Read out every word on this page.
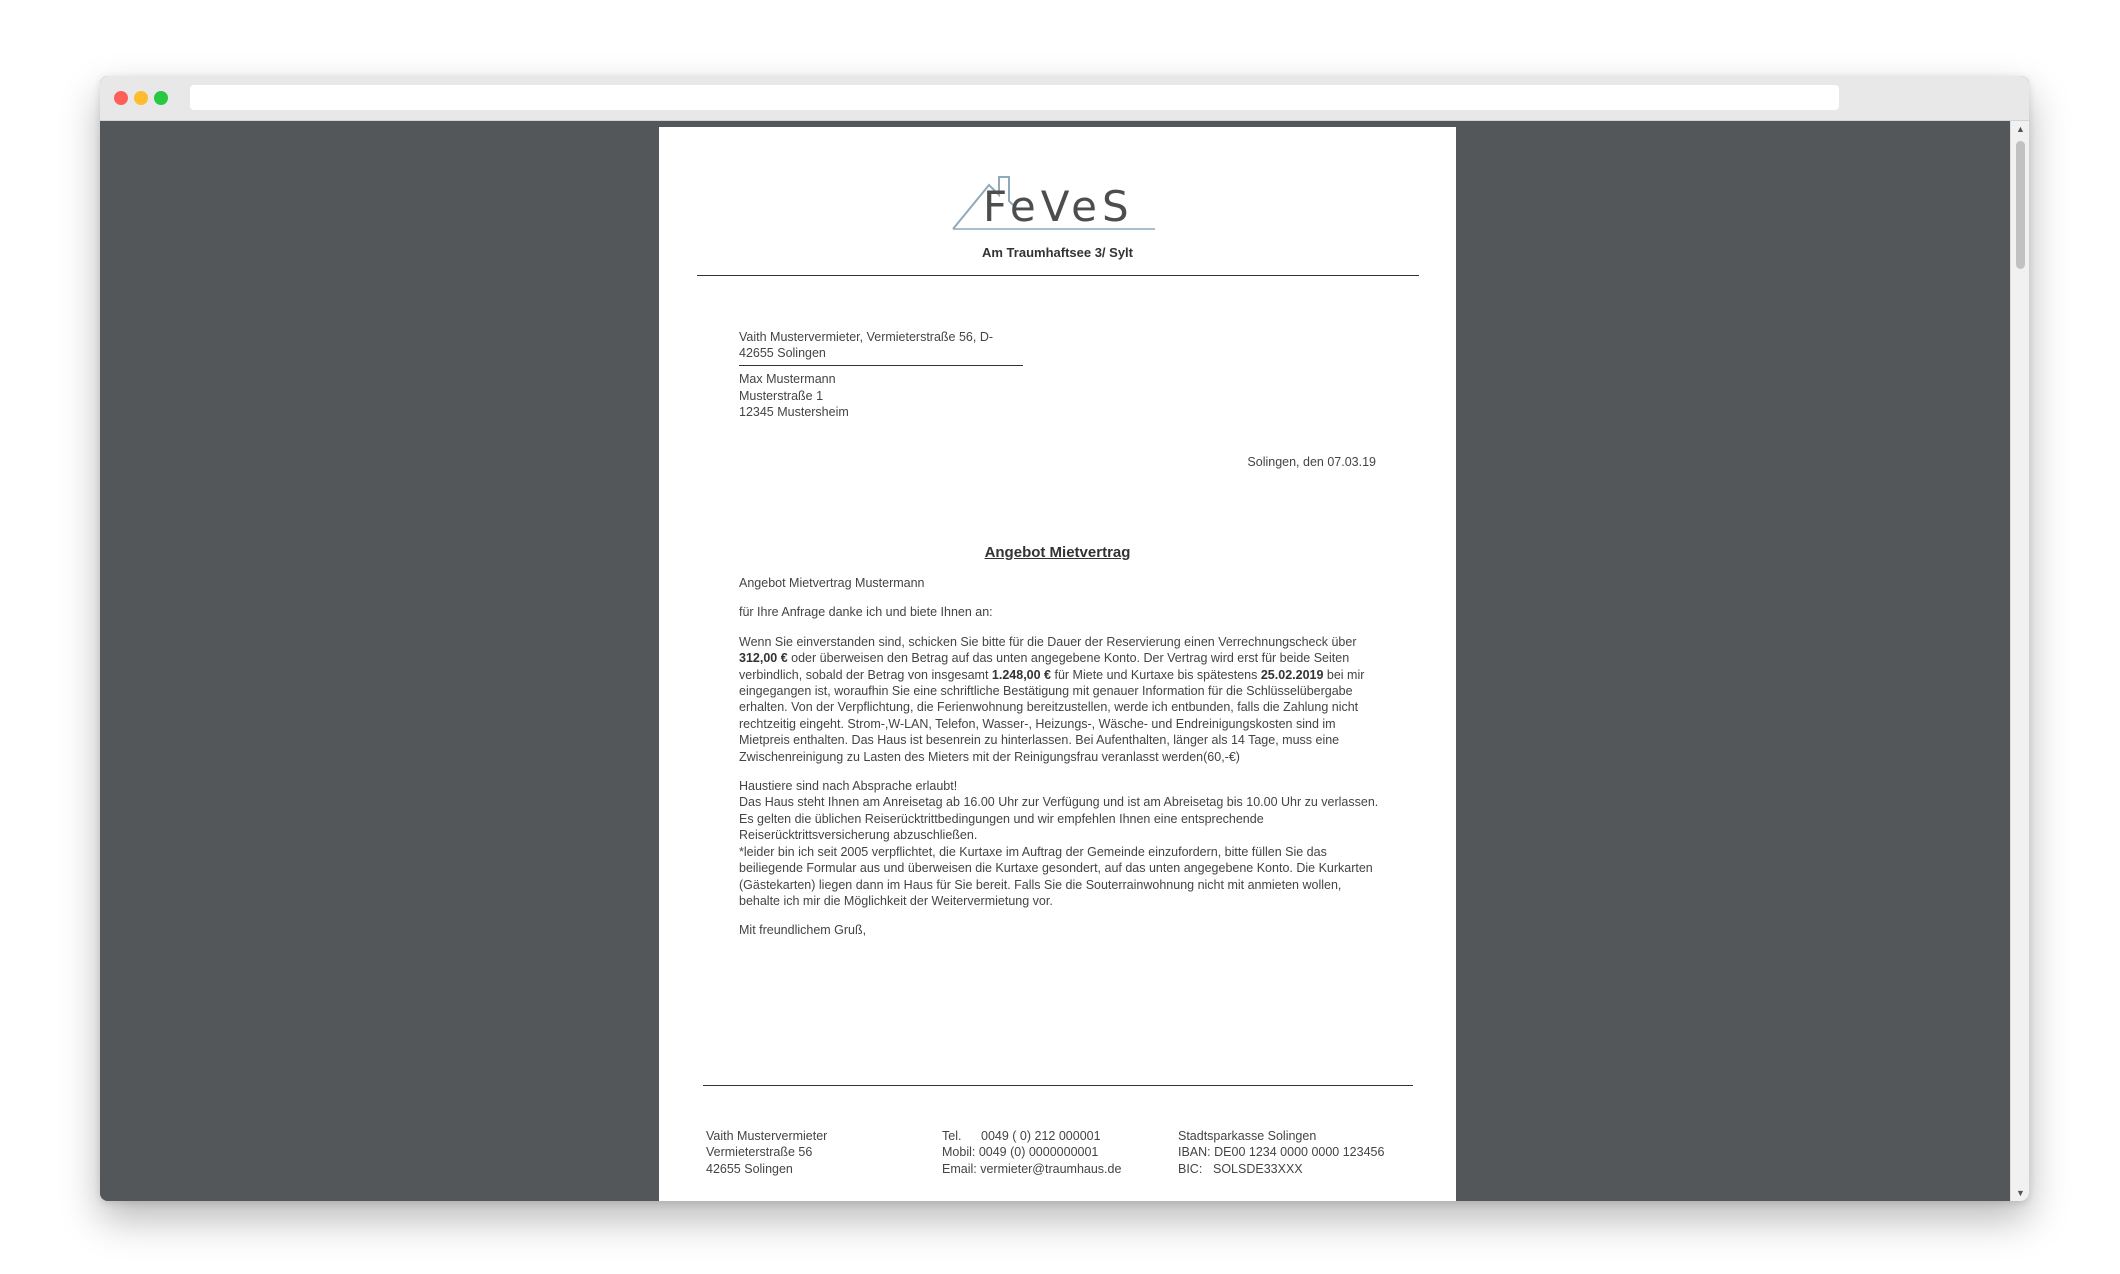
FeVeS
Am Traumhaftsee 3/ Sylt
Vaith Mustervermieter, Vermieterstraße 56, D-
42655 Solingen
Max Mustermann
Musterstraße 1
12345 Mustersheim
Solingen, den 07.03.19
Angebot Mietvertrag

Angebot Mietvertrag Mustermann

für Ihre Anfrage danke ich und biete Ihnen an:

Wenn Sie einverstanden sind, schicken Sie bitte für die Dauer der Reservierung einen Verrechnungscheck über 312,00 € oder überweisen den Betrag auf das unten angegebene Konto. Der Vertrag wird erst für beide Seiten verbindlich, sobald der Betrag von insgesamt 1.248,00 € für Miete und Kurtaxe bis spätestens 25.02.2019 bei mir eingegangen ist, woraufhin Sie eine schriftliche Bestätigung mit genauer Information für die Schlüsselübergabe erhalten. Von der Verpflichtung, die Ferienwohnung bereitzustellen, werde ich entbunden, falls die Zahlung nicht rechtzeitig eingeht. Strom-,W-LAN, Telefon, Wasser-, Heizungs-, Wäsche- und Endreinigungskosten sind im Mietpreis enthalten. Das Haus ist besenrein zu hinterlassen. Bei Aufenthalten, länger als 14 Tage, muss eine Zwischenreinigung zu Lasten des Mieters mit der Reinigungsfrau veranlasst werden(60,-€)

Haustiere sind nach Absprache erlaubt!
Das Haus steht Ihnen am Anreisetag ab 16.00 Uhr zur Verfügung und ist am Abreisetag bis 10.00 Uhr zu verlassen. Es gelten die üblichen Reiserücktrittbedingungen und wir empfehlen Ihnen eine entsprechende Reiserücktrittsversicherung abzuschließen.
*leider bin ich seit 2005 verpflichtet, die Kurtaxe im Auftrag der Gemeinde einzufordern, bitte füllen Sie das beiliegende Formular aus und überweisen die Kurtaxe gesondert, auf das unten angegebene Konto. Die Kurkarten (Gästekarten) liegen dann im Haus für Sie bereit. Falls Sie die Souterrainwohnung nicht mit anmieten wollen, behalte ich mir die Möglichkeit der Weitervermietung vor.

Mit freundlichem Gruß,

Vaith Mustervermieter
Vermieterstraße 56
42655 Solingen
Tel. 0049 ( 0) 212 000001
Mobil: 0049 (0) 0000000001
Email: vermieter@traumhaus.de
Stadtsparkasse Solingen
IBAN: DE00 1234 0000 0000 123456
BIC: SOLSDE33XXX
▲
▼
